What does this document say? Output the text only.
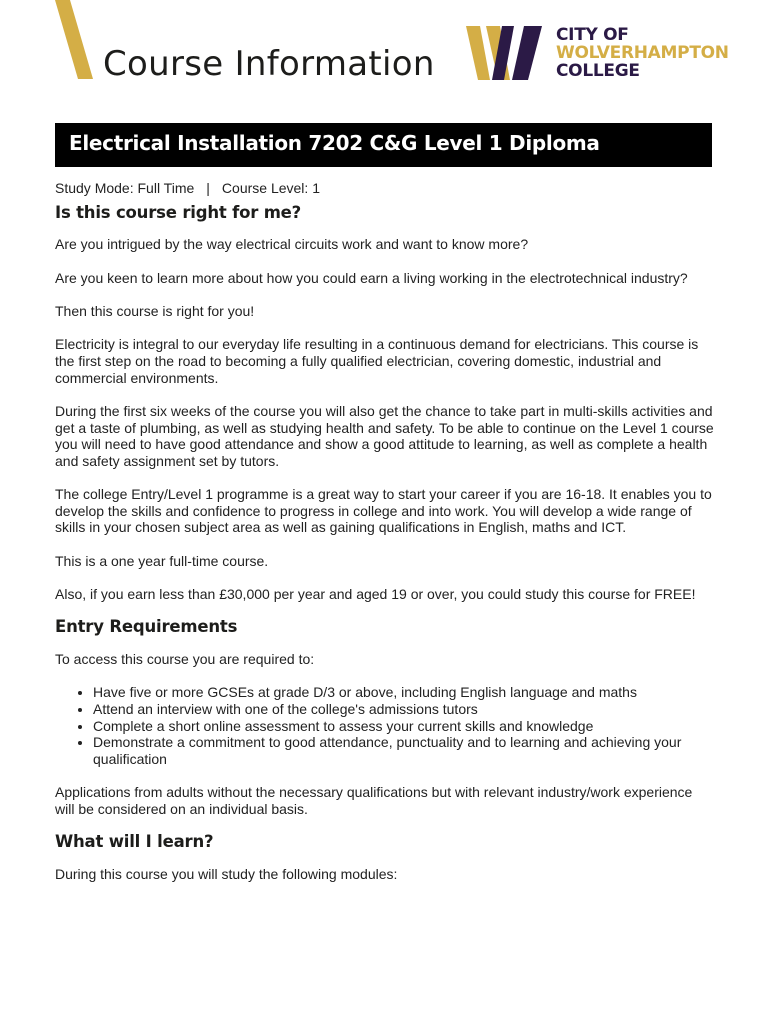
Course Information
CITY OF
WOLVERHAMPTON
COLLEGE
Electrical Installation 7202 C&G Level 1 Diploma
Study Mode: Full Time | Course Level: 1
Is this course right for me?

Are you intrigued by the way electrical circuits work and want to know more?

Are you keen to learn more about how you could earn a living working in the electrotechnical industry?

Then this course is right for you!

Electricity is integral to our everyday life resulting in a continuous demand for electricians. This course is the first step on the road to becoming a fully qualified electrician, covering domestic, industrial and commercial environments.

During the first six weeks of the course you will also get the chance to take part in multi-skills activities and get a taste of plumbing, as well as studying health and safety. To be able to continue on the Level 1 course you will need to have good attendance and show a good attitude to learning, as well as complete a health and safety assignment set by tutors.

The college Entry/Level 1 programme is a great way to start your career if you are 16-18. It enables you to develop the skills and confidence to progress in college and into work. You will develop a wide range of skills in your chosen subject area as well as gaining qualifications in English, maths and ICT.

This is a one year full-time course.

Also, if you earn less than £30,000 per year and aged 19 or over, you could study this course for FREE!

Entry Requirements

To access this course you are required to:

• Have five or more GCSEs at grade D/3 or above, including English language and maths
• Attend an interview with one of the college's admissions tutors
• Complete a short online assessment to assess your current skills and knowledge
• Demonstrate a commitment to good attendance, punctuality and to learning and achieving your qualification

Applications from adults without the necessary qualifications but with relevant industry/work experience will be considered on an individual basis.

What will I learn?

During this course you will study the following modules:
